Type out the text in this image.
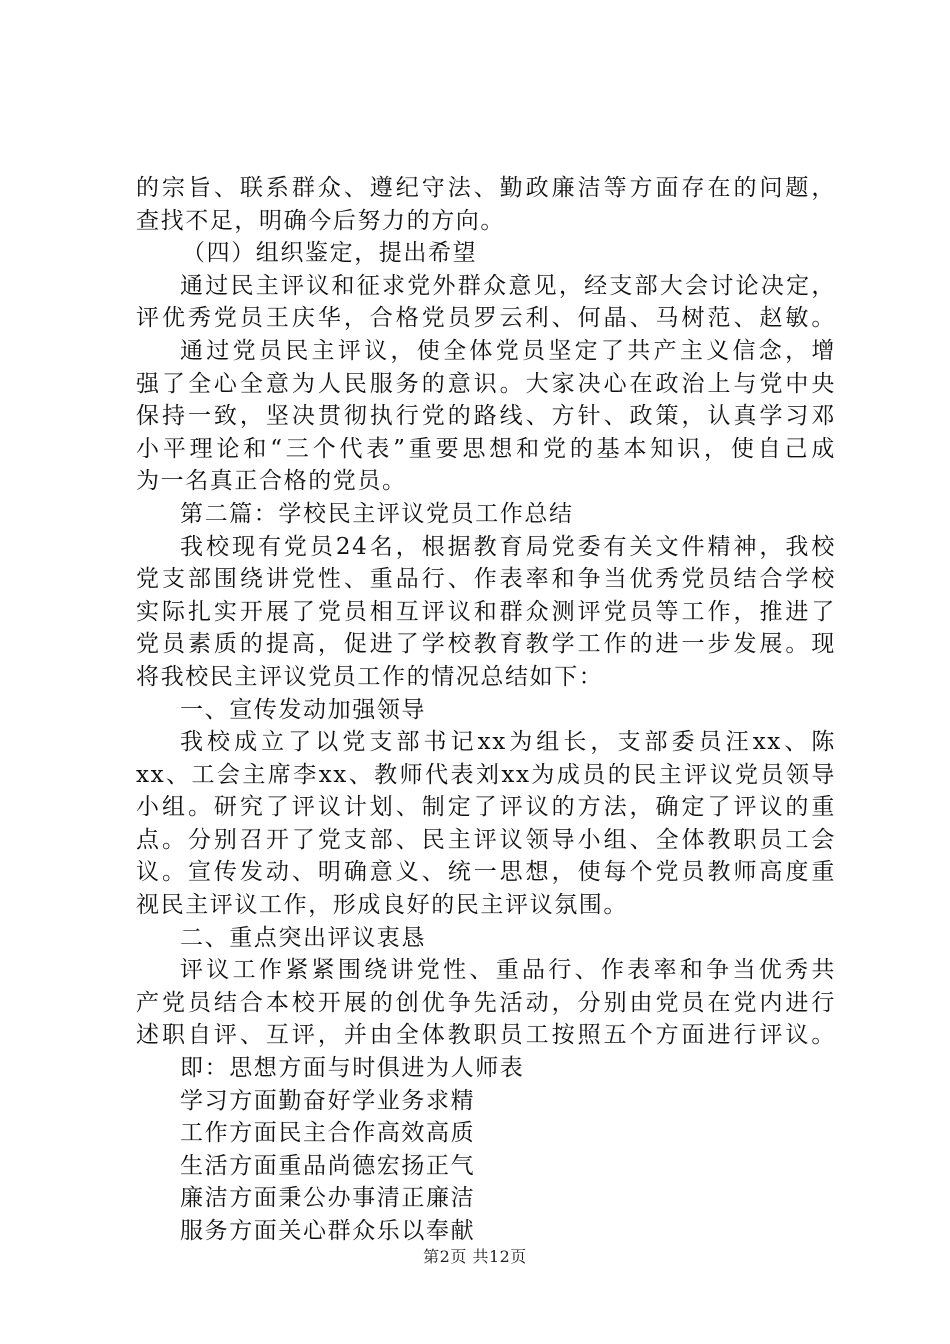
的宗旨、联系群众、遵纪守法、勤政廉洁等方面存在的问题，
查找不足，明确今后努力的方向。
（四）组织鉴定，提出希望
通过民主评议和征求党外群众意见，经支部大会讨论决定，
评优秀党员王庆华，合格党员罗云利、何晶、马树范、赵敏。
通过党员民主评议，使全体党员坚定了共产主义信念，增
强了全心全意为人民服务的意识。大家决心在政治上与党中央
保持一致，坚决贯彻执行党的路线、方针、政策，认真学习邓
小平理论和“三个代表”重要思想和党的基本知识，使自己成
为一名真正合格的党员。
第二篇：学校民主评议党员工作总结
我校现有党员24名，根据教育局党委有关文件精神，我校
党支部围绕讲党性、重品行、作表率和争当优秀党员结合学校
实际扎实开展了党员相互评议和群众测评党员等工作，推进了
党员素质的提高，促进了学校教育教学工作的进一步发展。现
将我校民主评议党员工作的情况总结如下：
一、宣传发动加强领导
我校成立了以党支部书记xx为组长，支部委员汪xx、陈
xx、工会主席李xx、教师代表刘xx为成员的民主评议党员领导
小组。研究了评议计划、制定了评议的方法，确定了评议的重
点。分别召开了党支部、民主评议领导小组、全体教职员工会
议。宣传发动、明确意义、统一思想，使每个党员教师高度重
视民主评议工作，形成良好的民主评议氛围。
二、重点突出评议衷恳
评议工作紧紧围绕讲党性、重品行、作表率和争当优秀共
产党员结合本校开展的创优争先活动，分别由党员在党内进行
述职自评、互评，并由全体教职员工按照五个方面进行评议。
即：思想方面与时俱进为人师表
学习方面勤奋好学业务求精
工作方面民主合作高效高质
生活方面重品尚德宏扬正气
廉洁方面秉公办事清正廉洁
服务方面关心群众乐以奉献
第2页 共12页
